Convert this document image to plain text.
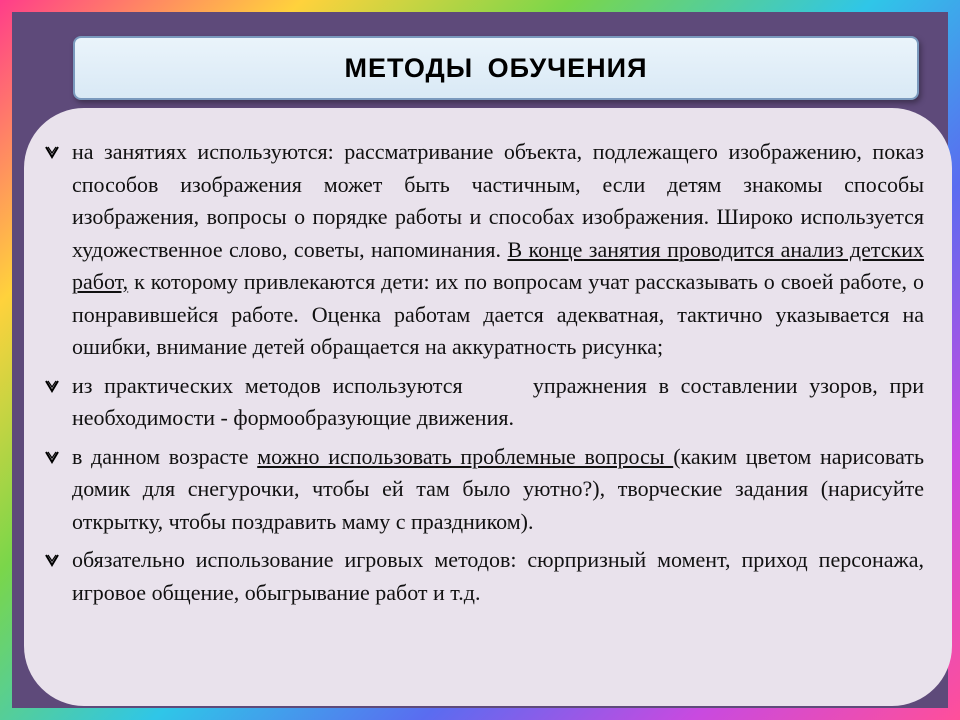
МЕТОДЫ ОБУЧЕНИЯ
на занятиях используются: рассматривание объекта, подлежащего изображению, показ способов изображения может быть частичным, если детям знакомы способы изображения, вопросы о порядке работы и способах изображения. Широко используется художественное слово, советы, напоминания. В конце занятия проводится анализ детских работ, к которому привлекаются дети: их по вопросам учат рассказывать о своей работе, о понравившейся работе. Оценка работам дается адекватная, тактично указывается на ошибки, внимание детей обращается на аккуратность рисунка;
из практических методов используются      упражнения в составлении узоров, при необходимости - формообразующие движения.
в данном возрасте можно использовать проблемные вопросы (каким цветом нарисовать домик для снегурочки, чтобы ей там было уютно?), творческие задания (нарисуйте открытку, чтобы поздравить маму с праздником).
обязательно использование игровых методов: сюрпризный момент, приход персонажа, игровое общение, обыгрывание работ и т.д.
